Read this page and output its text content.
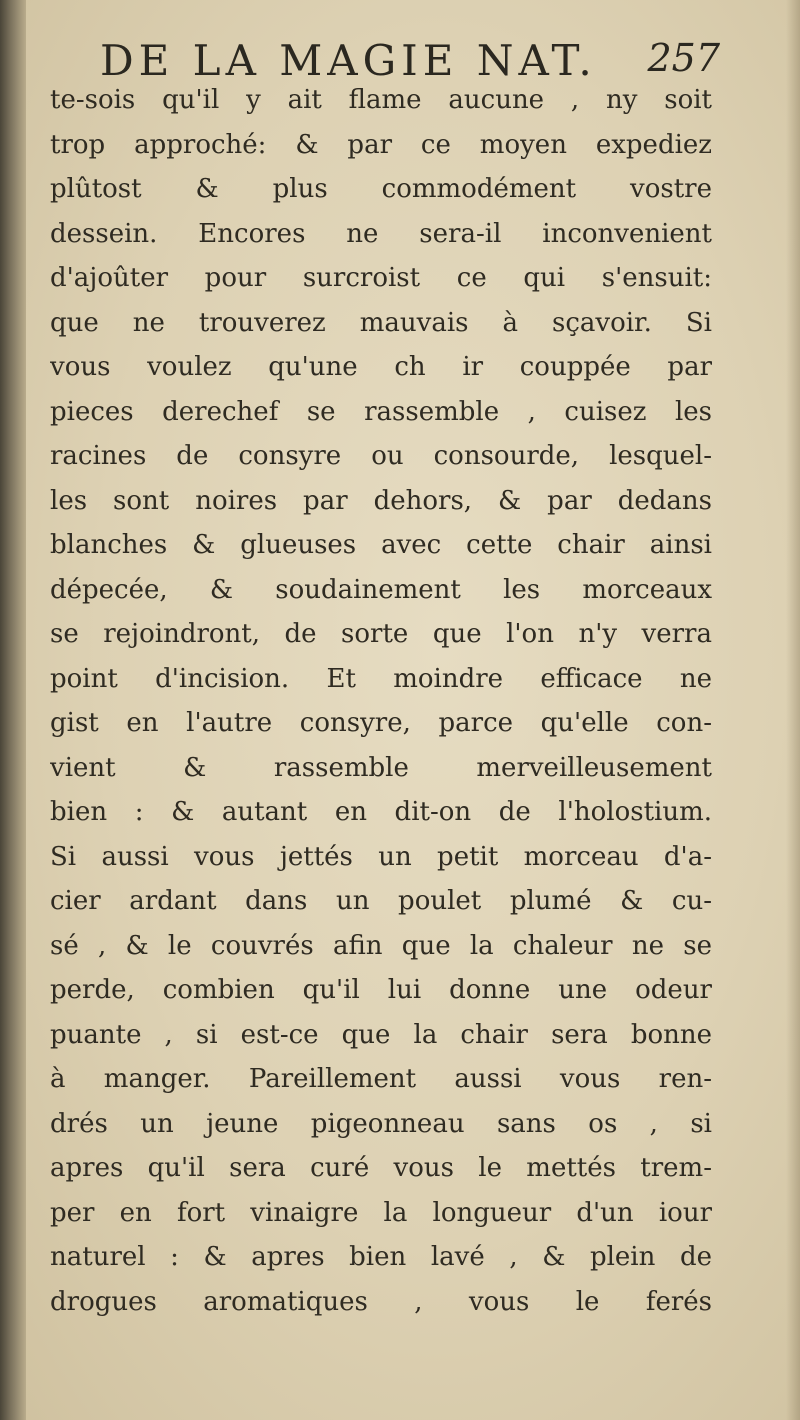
DE LA MAGIE NAT. 257
te-sois qu'il y ait flame aucune , ny soit
trop approché: & par ce moyen expediez
plûtost & plus commodément vostre
dessein. Encores ne sera-il inconvenient
d'ajoûter pour surcroist ce qui s'ensuit:
que ne trouverez mauvais à sçavoir. Si
vous voulez qu'une ch ir couppée par
pieces derechef se rassemble , cuisez les
racines de consyre ou consourde, lesquel-
les sont noires par dehors, & par dedans
blanches & glueuses avec cette chair ainsi
dépecée, & soudainement les morceaux
se rejoindront, de sorte que l'on n'y verra
point d'incision. Et moindre efficace ne
gist en l'autre consyre, parce qu'elle con-
vient & rassemble merveilleusement
bien : & autant en dit-on de l'holostium.
Si aussi vous jettés un petit morceau d'a-
cier ardant dans un poulet plumé & cu-
sé , & le couvrés afin que la chaleur ne se
perde, combien qu'il lui donne une odeur
puante , si est-ce que la chair sera bonne
à manger. Pareillement aussi vous ren-
drés un jeune pigeonneau sans os , si
apres qu'il sera curé vous le mettés trem-
per en fort vinaigre la longueur d'un iour
naturel : & apres bien lavé , & plein de
drogues aromatiques , vous le ferés
